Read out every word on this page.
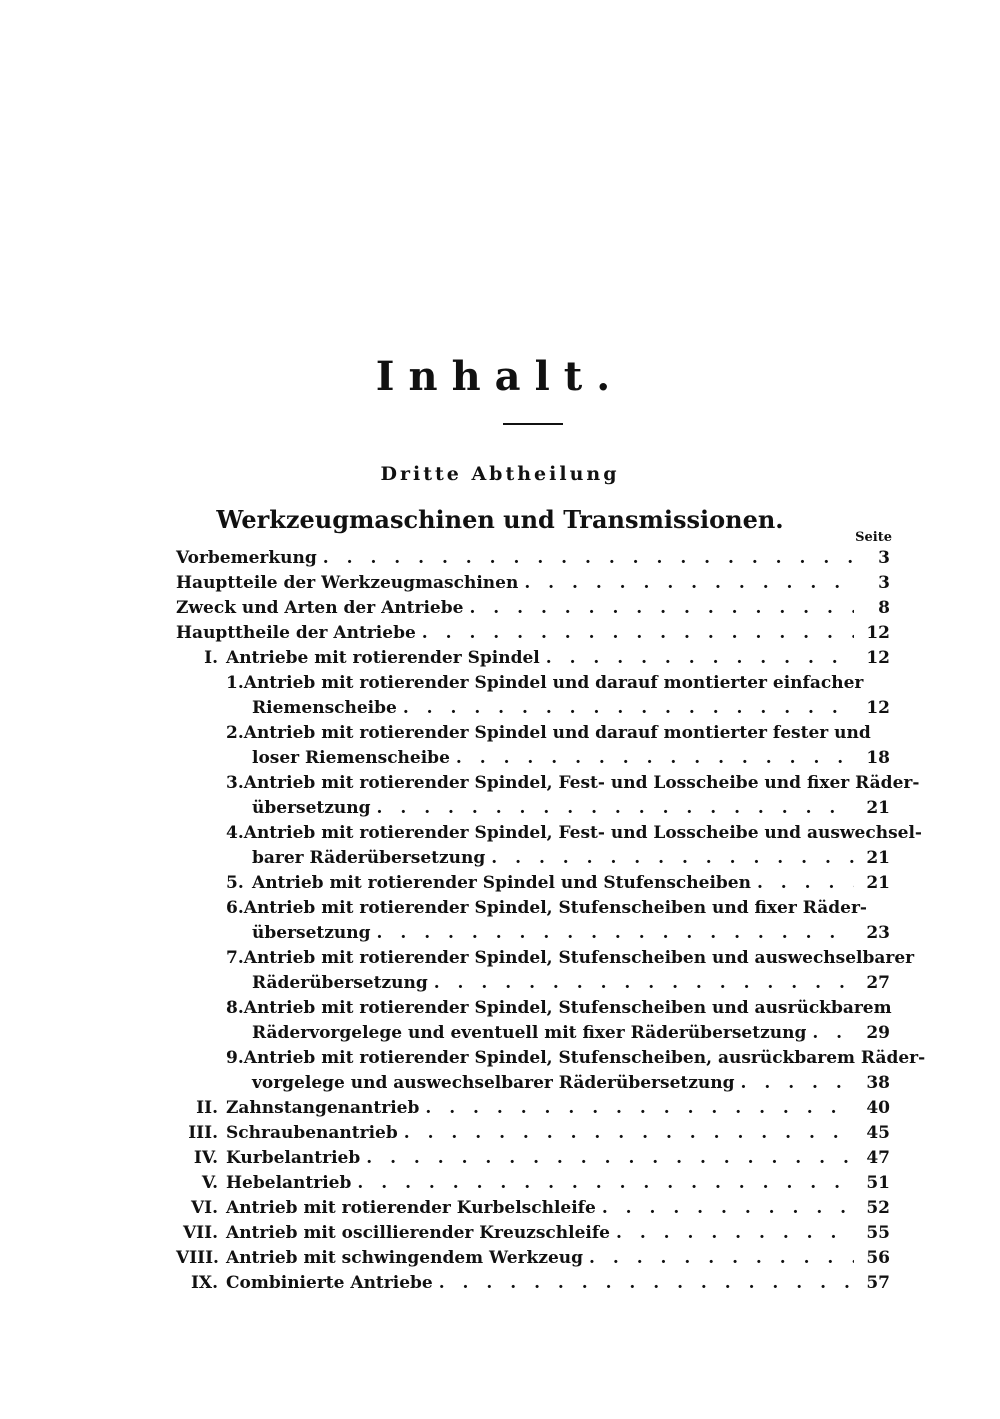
Inhalt.
Dritte Abtheilung
Werkzeugmaschinen und Transmissionen.
Seite
Vorbemerkung . . .	3
Hauptteile der Werkzeugmaschinen . . .	3
Zweck und Arten der Antriebe . . .	8
Haupttheile der Antriebe . . .	12
I. Antriebe mit rotierender Spindel . . .	12
1. Antrieb mit rotierender Spindel und darauf montierter einfacher
Riemenscheibe . . .	12
2. Antrieb mit rotierender Spindel und darauf montierter fester und
loser Riemenscheibe . . .	18
3. Antrieb mit rotierender Spindel, Fest- und Losscheibe und fixer Räder-
übersetzung . . .	21
4. Antrieb mit rotierender Spindel, Fest- und Losscheibe und auswechsel-
barer Räderübersetzung . . .	21
5. Antrieb mit rotierender Spindel und Stufenscheiben . . .	21
6. Antrieb mit rotierender Spindel, Stufenscheiben und fixer Räder-
übersetzung . . .	23
7. Antrieb mit rotierender Spindel, Stufenscheiben und auswechselbarer
Räderübersetzung . . .	27
8. Antrieb mit rotierender Spindel, Stufenscheiben und ausrückbarem
Rädervorgelege und eventuell mit fixer Räderübersetzung . . .	29
9. Antrieb mit rotierender Spindel, Stufenscheiben, ausrückbarem Räder-
vorgelege und auswechselbarer Räderübersetzung . . .	38
II. Zahnstangenantrieb . . .	40
III. Schraubenantrieb . . .	45
IV. Kurbelantrieb . . .	47
V. Hebelantrieb . . .	51
VI. Antrieb mit rotierender Kurbelschleife . . .	52
VII. Antrieb mit oscillierender Kreuzschleife . . .	55
VIII. Antrieb mit schwingendem Werkzeug . . .	56
IX. Combinierte Antriebe . . .	57
